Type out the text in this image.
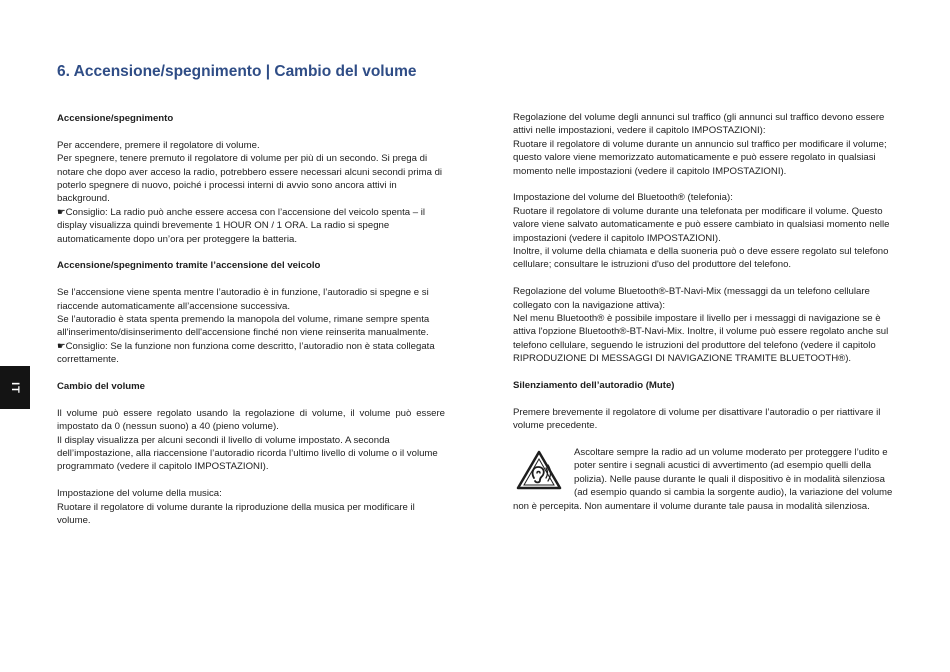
6. Accensione/spegnimento | Cambio del volume
IT
Accensione/spegnimento

Per accendere, premere il regolatore di volume.

Per spegnere, tenere premuto il regolatore di volume per più di un secondo. Si prega di notare che dopo aver acceso la radio, potrebbero essere necessari alcuni secondi prima di poterlo spegnere di nuovo, poiché i processi interni di avvio sono ancora attivi in background.

☛Consiglio: La radio può anche essere accesa con l’accensione del veicolo spenta – il display visualizza quindi brevemente 1 HOUR ON / 1 ORA. La radio si spegne automaticamente dopo un’ora per proteggere la batteria.

Accensione/spegnimento tramite l’accensione del veicolo

Se l’accensione viene spenta mentre l’autoradio è in funzione, l’autoradio si spegne e si riaccende automaticamente all’accensione successiva.

Se l’autoradio è stata spenta premendo la manopola del volume, rimane sempre spenta all'inserimento/disinserimento dell'accensione finché non viene reinserita manualmente.

☛Consiglio: Se la funzione non funziona come descritto, l’autoradio non è stata collegata correttamente.

Cambio del volume

Il volume può essere regolato usando la regolazione di volume, il volume può essere impostato da 0 (nessun suono) a 40 (pieno volume).

Il display visualizza per alcuni secondi il livello di volume impostato. A seconda dell’impostazione, alla riaccensione l’autoradio ricorda l’ultimo livello di volume o il volume programmato (vedere il capitolo IMPOSTAZIONI).

Impostazione del volume della musica:

Ruotare il regolatore di volume durante la riproduzione della musica per modificare il volume.

Regolazione del volume degli annunci sul traffico (gli annunci sul traffico devono essere attivi nelle impostazioni, vedere il capitolo IMPOSTAZIONI):

Ruotare il regolatore di volume durante un annuncio sul traffico per modificare il volume; questo valore viene memorizzato automaticamente e può essere regolato in qualsiasi momento nelle impostazioni (vedere il capitolo IMPOSTAZIONI).

Impostazione del volume del Bluetooth® (telefonia):

Ruotare il regolatore di volume durante una telefonata per modificare il volume. Questo valore viene salvato automaticamente e può essere cambiato in qualsiasi momento nelle impostazioni (vedere il capitolo IMPOSTAZIONI).

Inoltre, il volume della chiamata e della suoneria può o deve essere regolato sul telefono cellulare; consultare le istruzioni d'uso del produttore del telefono.

Regolazione del volume Bluetooth®-BT-Navi-Mix (messaggi da un telefono cellulare collegato con la navigazione attiva):

Nel menu Bluetooth® è possibile impostare il livello per i messaggi di navigazione se è attiva l'opzione Bluetooth®-BT-Navi-Mix. Inoltre, il volume può essere regolato anche sul telefono cellulare, seguendo le istruzioni del produttore del telefono (vedere il capitolo RIPRODUZIONE DI MESSAGGI DI NAVIGAZIONE TRAMITE BLUETOOTH®).

Silenziamento dell’autoradio (Mute)

Premere brevemente il regolatore di volume per disattivare l’autoradio o per riattivare il volume precedente.

Ascoltare sempre la radio ad un volume moderato per proteggere l’udito e poter sentire i segnali acustici di avvertimento (ad esempio quelli della polizia). Nelle pause durante le quali il dispositivo è in modalità silenziosa (ad esempio quando si cambia la sorgente audio), la variazione del volume non è percepita. Non aumentare il volume durante tale pausa in modalità silenziosa.
